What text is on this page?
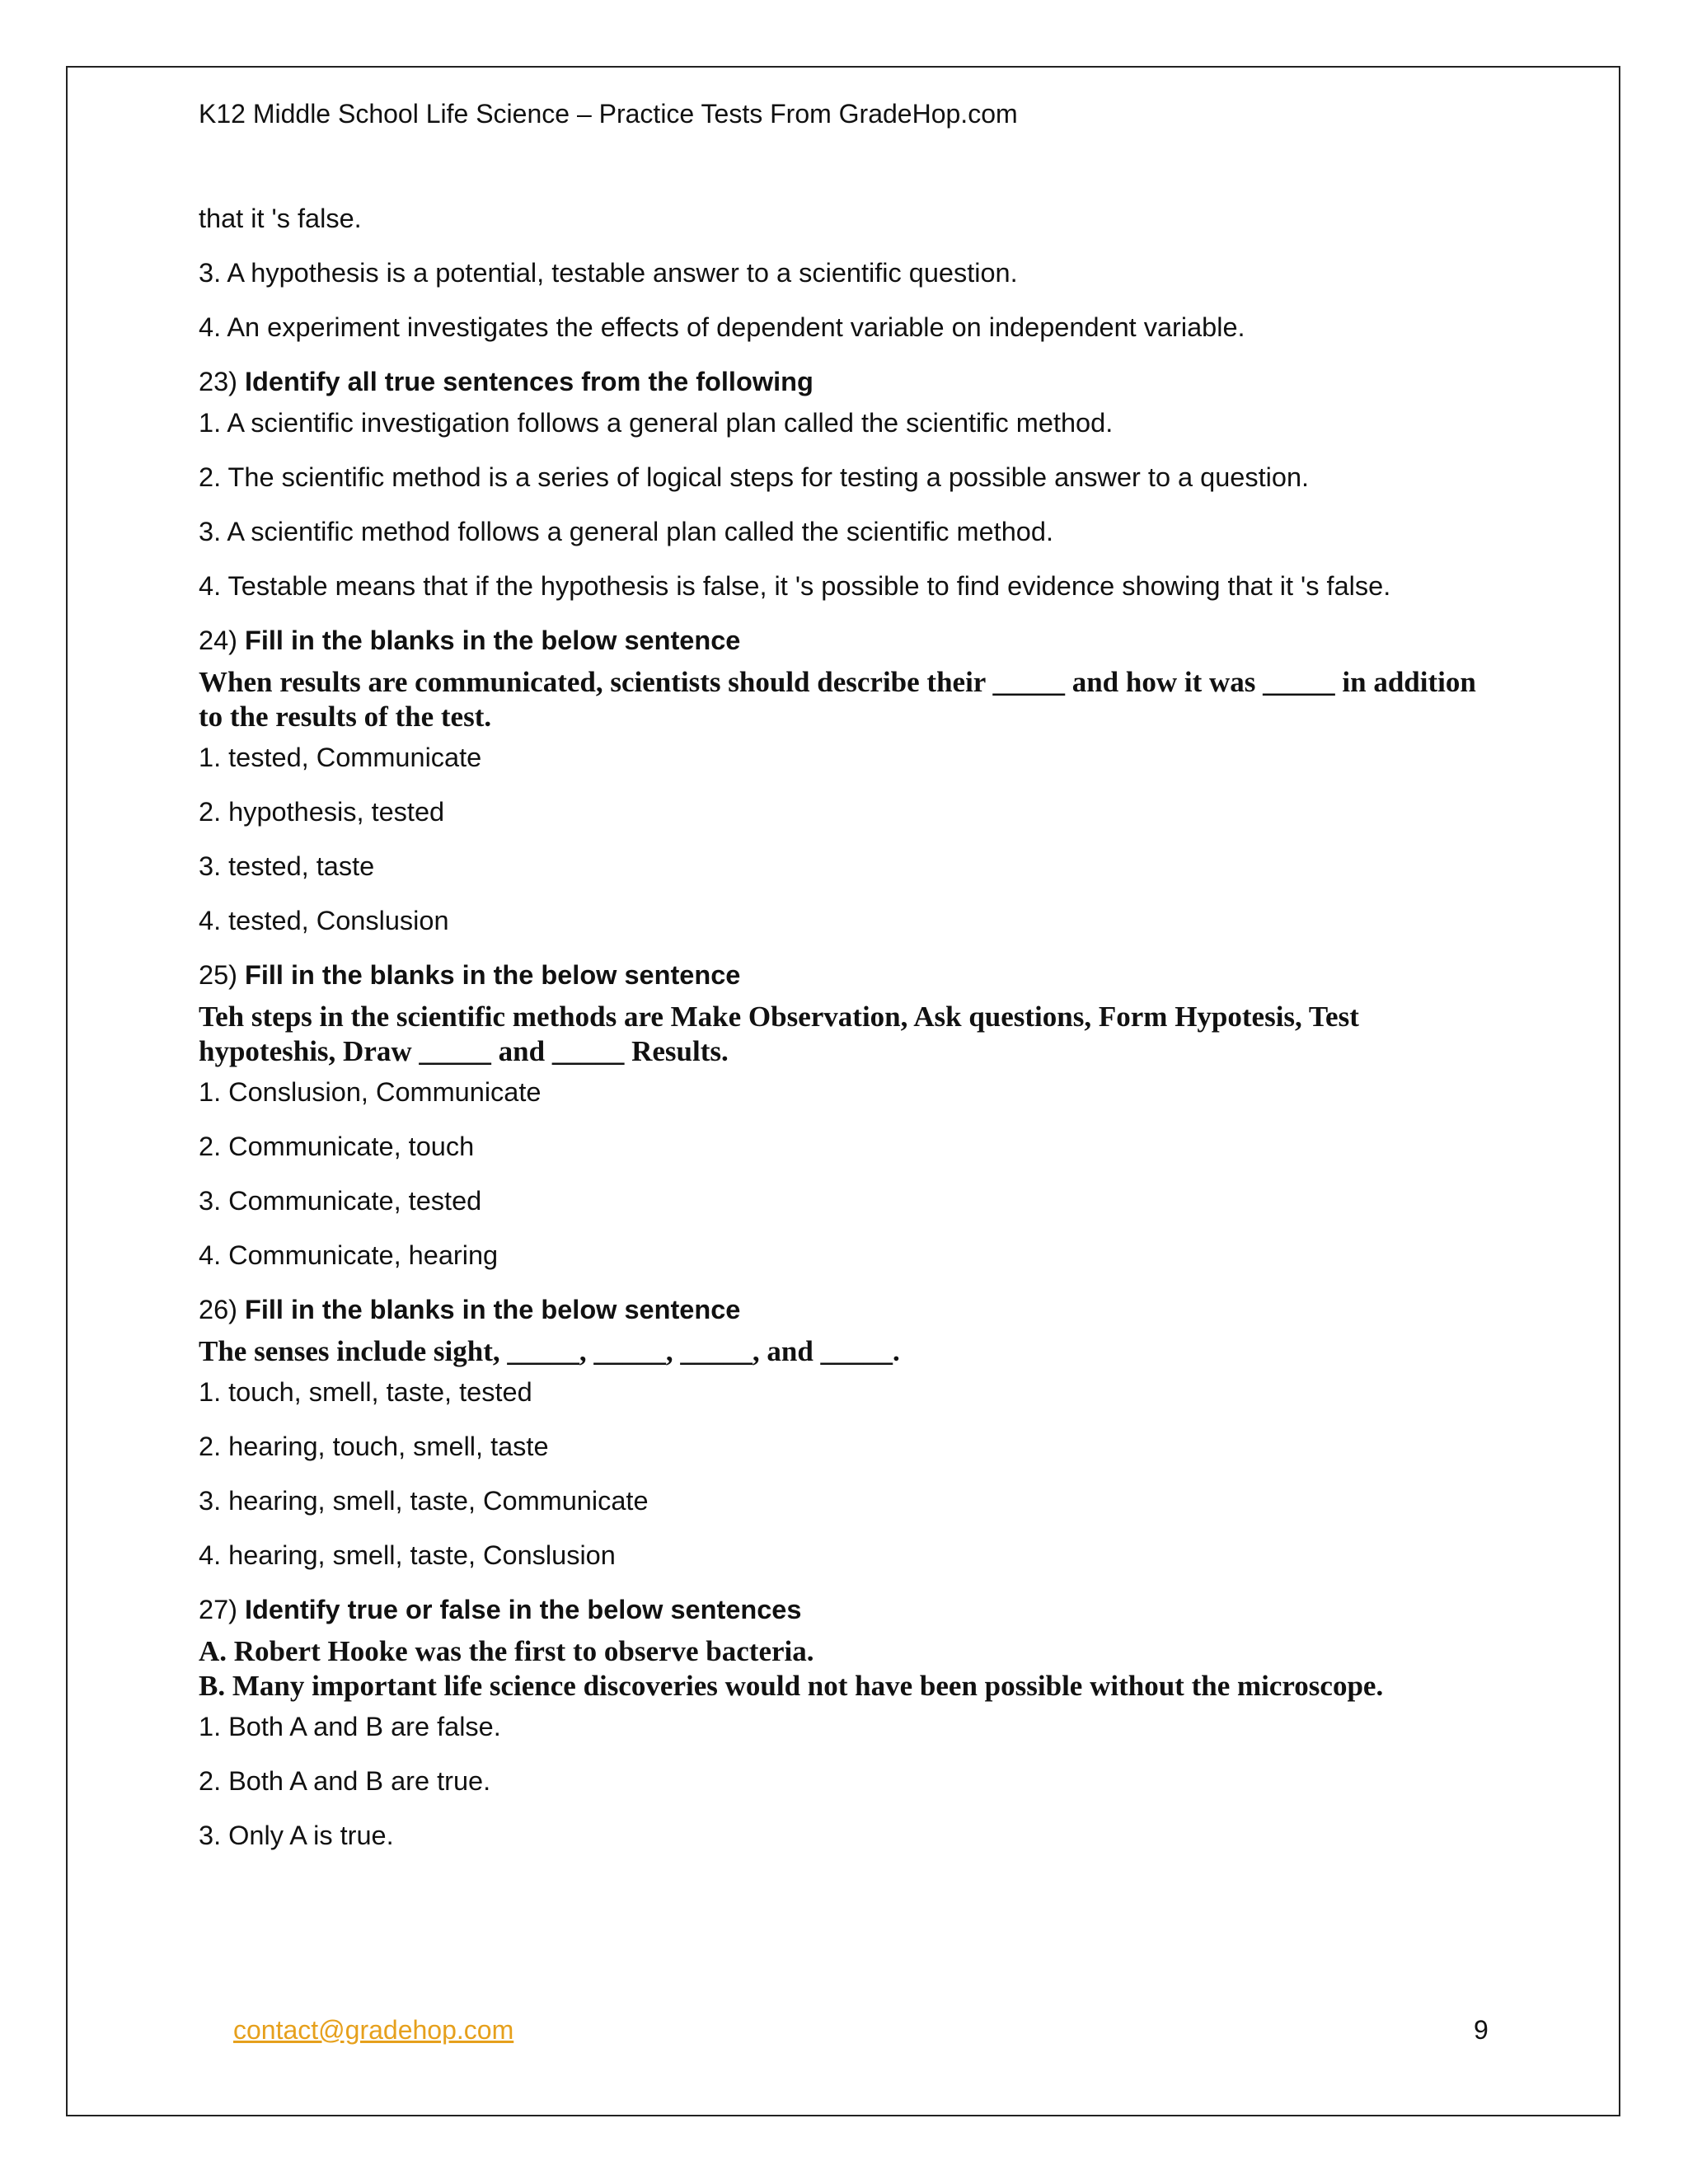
K12 Middle School Life Science – Practice Tests From GradeHop.com
that it 's false.
3. A hypothesis is a potential, testable answer to a scientific question.
4. An experiment investigates the effects of dependent variable on independent variable.
23) Identify all true sentences from the following
1. A scientific investigation follows a general plan called the scientific method.
2. The scientific method is a series of logical steps for testing a possible answer to a question.
3. A scientific method follows a general plan called the scientific method.
4. Testable means that if the hypothesis is false, it 's possible to find evidence showing that it 's false.
24) Fill in the blanks in the below sentence
When results are communicated, scientists should describe their _____ and how it was _____ in addition to the results of the test.
1. tested, Communicate
2. hypothesis, tested
3. tested, taste
4. tested, Conslusion
25) Fill in the blanks in the below sentence
Teh steps in the scientific methods are Make Observation, Ask questions, Form Hypotesis, Test hypoteshis, Draw _____ and _____ Results.
1. Conslusion, Communicate
2. Communicate, touch
3. Communicate, tested
4. Communicate, hearing
26) Fill in the blanks in the below sentence
The senses include sight, _____, _____, _____, and _____.
1. touch, smell, taste, tested
2. hearing, touch, smell, taste
3. hearing, smell, taste, Communicate
4. hearing, smell, taste, Conslusion
27) Identify true or false in the below sentences
A. Robert Hooke was the first to observe bacteria.
B. Many important life science discoveries would not have been possible without the microscope.
1. Both A and B are false.
2. Both A and B are true.
3. Only A is true.
contact@gradehop.com	9
